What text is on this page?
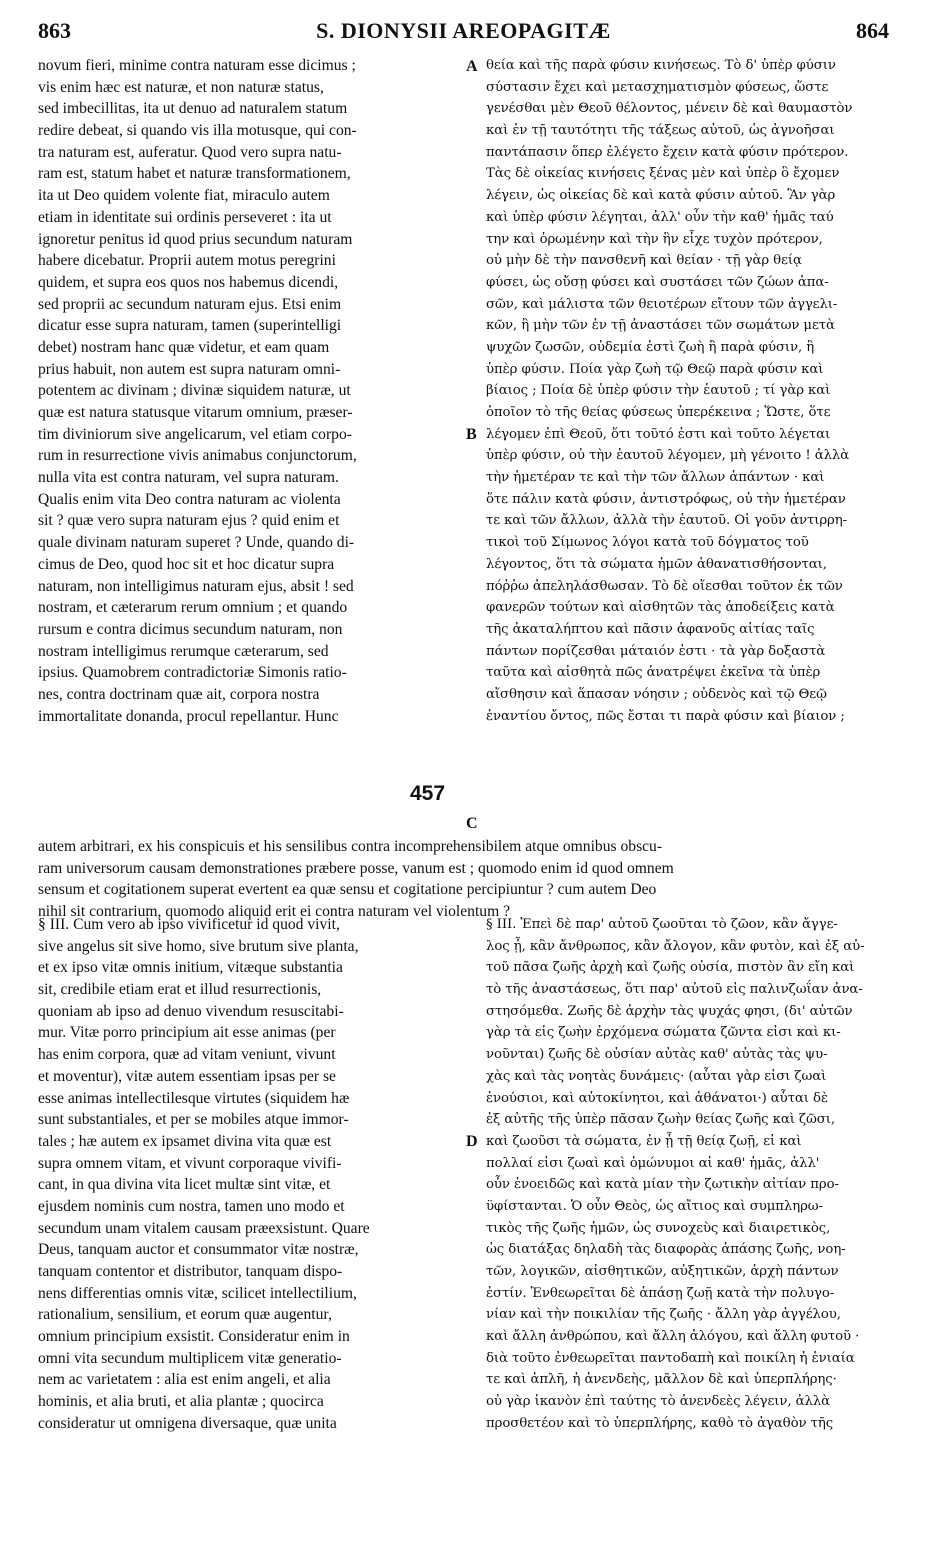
863	S. DIONYSII AREOPAGITÆ	864
novum fieri, minime contra naturam esse dicimus ;
vis enim hæc est naturæ, et non naturæ status,
sed imbecillitas, ita ut denuo ad naturalem statum
redire debeat, si quando vis illa motusque, qui con-
tra naturam est, auferatur. Quod vero supra natu-
ram est, statum habet et naturæ transformationem,
ita ut Deo quidem volente fiat, miraculo autem
etiam in identitate sui ordinis perseveret : ita ut
ignoretur penitus id quod prius secundum naturam
habere dicebatur. Proprii autem motus peregrini
quidem, et supra eos quos nos habemus dicendi,
sed proprii ac secundum naturam ejus. Etsi enim
dicatur esse supra naturam, tamen (superintelligi
debet) nostram hanc quæ videtur, et eam quam
prius habuit, non autem est supra naturam omni-
potentem ac divinam ; divinæ siquidem naturæ, ut
quæ est natura statusque vitarum omnium, præser-
tim diviniorum sive angelicarum, vel etiam corpo-
rum in resurrectione vivis animabus conjunctorum,
nulla vita est contra naturam, vel supra naturam.
Qualis enim vita Deo contra naturam ac violenta
sit ? quæ vero supra naturam ejus ? quid enim et
quale divinam naturam superet ? Unde, quando di-
cimus de Deo, quod hoc sit et hoc dicatur supra
naturam, non intelligimus naturam ejus, absit ! sed
nostram, et cæterarum rerum omnium ; et quando
rursum e contra dicimus secundum naturam, non
nostram intelligimus rerumque cæterarum, sed
ipsius. Quamobrem contradictoriæ Simonis ratio-
nes, contra doctrinam quæ ait, corpora nostra
immortalitate donanda, procul repellantur. Hunc
θεία καὶ τῆς παρὰ φύσιν κινήσεως. Τὸ δ' ὑπὲρ φύσιν
σύστασιν ἔχει καὶ μετασχηματισμὸν φύσεως, ὥστε
γενέσθαι μὲν Θεοῦ θέλοντος, μένειν δὲ καὶ θαυμαστὸν
καὶ ἐν τῇ ταυτότητι τῆς τάξεως αὐτοῦ, ὡς ἀγνοῆσαι
παντάπασιν ὅπερ ἐλέγετο ἔχειν κατὰ φύσιν πρότερον.
Τὰς δὲ οἰκείας κινήσεις ξένας μὲν καὶ ὑπὲρ ὃ ἔχομεν
λέγειν, ὡς οἰκείας δὲ καὶ κατὰ φύσιν αὐτοῦ. Ἂν γὰρ
καὶ ὑπὲρ φύσιν λέγηται, ἀλλ' οὖν τὴν καθ' ἡμᾶς ταύ
την καὶ ὁρωμένην καὶ τὴν ἣν εἶχε τυχὸν πρότερον,
οὐ μὴν δὲ τὴν πανσθενῆ καὶ θείαν · τῇ γὰρ θείᾳ
φύσει, ὡς οὔσῃ φύσει καὶ συστάσει τῶν ζώων ἁπα-
σῶν, καὶ μάλιστα τῶν θειοτέρων εἴτουν τῶν ἀγγελι-
κῶν, ἢ μὴν τῶν ἐν τῇ ἀναστάσει τῶν σωμάτων μετὰ
ψυχῶν ζωσῶν, οὐδεμία ἐστὶ ζωὴ ἢ παρὰ φύσιν, ἢ
ὑπὲρ φύσιν. Ποία γὰρ ζωὴ τῷ Θεῷ παρὰ φύσιν καὶ
βίαιος ; Ποία δὲ ὑπὲρ φύσιν τὴν ἑαυτοῦ ; τί γὰρ καὶ
ὁποῖον τὸ τῆς θείας φύσεως ὑπερέκεινα ; Ὥστε, ὅτε
λέγομεν ἐπὶ Θεοῦ, ὅτι τοῦτό ἐστι καὶ τοῦτο λέγεται
ὑπὲρ φύσιν, οὐ τὴν ἑαυτοῦ λέγομεν, μὴ γένοιτο ! ἀλλὰ
τὴν ἡμετέραν τε καὶ τὴν τῶν ἄλλων ἁπάντων · καὶ
ὅτε πάλιν κατὰ φύσιν, ἀντιστρόφως, οὐ τὴν ἡμετέραν
τε καὶ τῶν ἄλλων, ἀλλὰ τὴν ἑαυτοῦ. Οἱ γοῦν ἀντιρρη-
τικοὶ τοῦ Σίμωνος λόγοι κατὰ τοῦ δόγματος τοῦ
λέγοντος, ὅτι τὰ σώματα ἡμῶν ἀθανατισθήσονται,
πόῤῥω ἀπεληλάσθωσαν. Τὸ δὲ οἴεσθαι τοῦτον ἐκ τῶν
φανερῶν τούτων καὶ αἰσθητῶν τὰς ἀποδείξεις κατὰ
τῆς ἀκαταλήπτου καὶ πᾶσιν ἀφανοῦς αἰτίας ταῖς
πάντων πορίζεσθαι μάταιόν ἐστι · τὰ γὰρ δοξαστὰ
ταῦτα καὶ αἰσθητὰ πῶς ἀνατρέψει ἐκεῖνα τὰ ὑπὲρ
αἴσθησιν καὶ ἅπασαν νόησιν ; οὐδενὸς καὶ τῷ Θεῷ
ἐναντίου ὄντος, πῶς ἔσται τι παρὰ φύσιν καὶ βίαιον ;
A
B
C
D
457
autem arbitrari, ex his conspicuis et his sensilibus contra incomprehensibilem atque omnibus obscu-
ram universorum causam demonstrationes præbere posse, vanum est ; quomodo enim id quod omnem
sensum et cogitationem superat evertent ea quæ sensu et cogitatione percipiuntur ? cum autem Deo
nihil sit contrarium, quomodo aliquid erit ei contra naturam vel violentum ?
§ III. Cum vero ab ipso vivificetur id quod vivit,
sive angelus sit sive homo, sive brutum sive planta,
et ex ipso vitæ omnis initium, vitæque substantia
sit, credibile etiam erat et illud resurrectionis,
quoniam ab ipso ad denuo vivendum resuscitabi-
mur. Vitæ porro principium ait esse animas (per
has enim corpora, quæ ad vitam veniunt, vivunt
et moventur), vitæ autem essentiam ipsas per se
esse animas intellectilesque virtutes (siquidem hæ
sunt substantiales, et per se mobiles atque immor-
tales ; hæ autem ex ipsamet divina vita quæ est
supra omnem vitam, et vivunt corporaque vivifi-
cant, in qua divina vita licet multæ sint vitæ, et
ejusdem nominis cum nostra, tamen uno modo et
secundum unam vitalem causam præexsistunt. Quare
Deus, tanquam auctor et consummator vitæ nostræ,
tanquam contentor et distributor, tanquam dispo-
nens differentias omnis vitæ, scilicet intellectilium,
rationalium, sensilium, et eorum quæ augentur,
omnium principium exsistit. Consideratur enim in
omni vita secundum multiplicem vitæ generatio-
nem ac varietatem : alia est enim angeli, et alia
hominis, et alia bruti, et alia plantæ ; quocirca
consideratur ut omnigena diversaque, quæ unita
§ III. Ἐπεὶ δὲ παρ' αὐτοῦ ζωοῦται τὸ ζῶον, κἂν ἄγγε-
λος ᾖ, κἂν ἄνθρωπος, κἂν ἄλογον, κἂν φυτὸν, καὶ ἐξ αὐ-
τοῦ πᾶσα ζωῆς ἀρχὴ καὶ ζωῆς οὐσία, πιστὸν ἂν εἴη καὶ
τὸ τῆς ἀναστάσεως, ὅτι παρ' αὐτοῦ εἰς παλινζωΐαν ἀνα-
στησόμεθα. Ζωῆς δὲ ἀρχὴν τὰς ψυχάς φησι, (δι' αὐτῶν
γὰρ τὰ εἰς ζωὴν ἐρχόμενα σώματα ζῶντα εἰσι καὶ κι-
νοῦνται) ζωῆς δὲ οὐσίαν αὐτὰς καθ' αὑτὰς τὰς ψυ-
χὰς καὶ τὰς νοητὰς δυνάμεις· (αὗται γὰρ εἰσι ζωαὶ
ἐνούσιοι, καὶ αὐτοκίνητοι, καὶ ἀθάνατοι·) αὗται δὲ
ἐξ αὐτῆς τῆς ὑπὲρ πᾶσαν ζωὴν θείας ζωῆς καὶ ζῶσι,
καὶ ζωοῦσι τὰ σώματα, ἐν ᾗ τῇ θείᾳ ζωῇ, εἰ καὶ
πολλαί εἰσι ζωαὶ καὶ ὁμώνυμοι αἱ καθ' ἡμᾶς, ἀλλ'
οὖν ἑνοειδῶς καὶ κατὰ μίαν τὴν ζωτικὴν αἰτίαν προ-
ϋφίστανται. Ὁ οὖν Θεὸς, ὡς αἴτιος καὶ συμπληρω-
τικὸς τῆς ζωῆς ἡμῶν, ὡς συνοχεὺς καὶ διαιρετικὸς,
ὡς διατάξας δηλαδὴ τὰς διαφορὰς ἁπάσης ζωῆς, νοη-
τῶν, λογικῶν, αἰσθητικῶν, αὐξητικῶν, ἀρχὴ πάντων
ἐστίν. Ἐνθεωρεῖται δὲ ἁπάσῃ ζωῇ κατὰ τὴν πολυγο-
νίαν καὶ τὴν ποικιλίαν τῆς ζωῆς · ἄλλη γὰρ ἀγγέλου,
καὶ ἄλλη ἀνθρώπου, καὶ ἄλλη ἀλόγου, καὶ ἄλλη φυτοῦ ·
διὰ τοῦτο ἐνθεωρεῖται παντοδαπὴ καὶ ποικίλη ἡ ἑνιαία
τε καὶ ἁπλῆ, ἡ ἀνενδεὴς, μᾶλλον δὲ καὶ ὑπερπλήρης·
οὐ γὰρ ἱκανὸν ἐπὶ ταύτης τὸ ἀνενδεὲς λέγειν, ἀλλὰ
προσθετέον καὶ τὸ ὑπερπλήρης, καθὸ τὸ ἀγαθὸν τῆς
